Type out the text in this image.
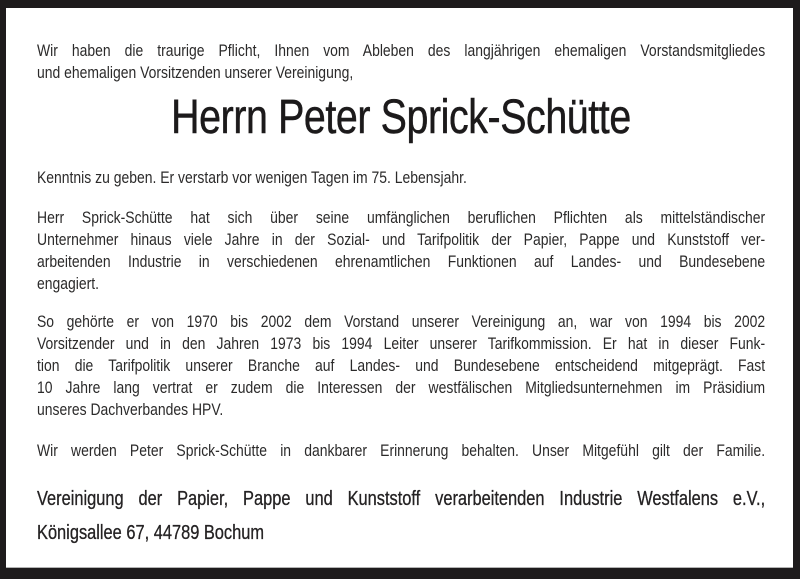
Wir haben die traurige Pflicht, Ihnen vom Ableben des langjährigen ehemaligen Vorstandsmitgliedes
und ehemaligen Vorsitzenden unserer Vereinigung,
Herrn Peter Sprick-Schütte
Kenntnis zu geben. Er verstarb vor wenigen Tagen im 75. Lebensjahr.
Herr Sprick-Schütte hat sich über seine umfänglichen beruflichen Pflichten als mittelständischer
Unternehmer hinaus viele Jahre in der Sozial- und Tarifpolitik der Papier, Pappe und Kunststoff ver-
arbeitenden Industrie in verschiedenen ehrenamtlichen Funktionen auf Landes- und Bundesebene
engagiert.
So gehörte er von 1970 bis 2002 dem Vorstand unserer Vereinigung an, war von 1994 bis 2002
Vorsitzender und in den Jahren 1973 bis 1994 Leiter unserer Tarifkommission. Er hat in dieser Funk-
tion die Tarifpolitik unserer Branche auf Landes- und Bundesebene entscheidend mitgeprägt. Fast
10 Jahre lang vertrat er zudem die Interessen der westfälischen Mitgliedsunternehmen im Präsidium
unseres Dachverbandes HPV.
Wir werden Peter Sprick-Schütte in dankbarer Erinnerung behalten. Unser Mitgefühl gilt der Familie.
Vereinigung der Papier, Pappe und Kunststoff verarbeitenden Industrie Westfalens e.V.,
Königsallee 67, 44789 Bochum
